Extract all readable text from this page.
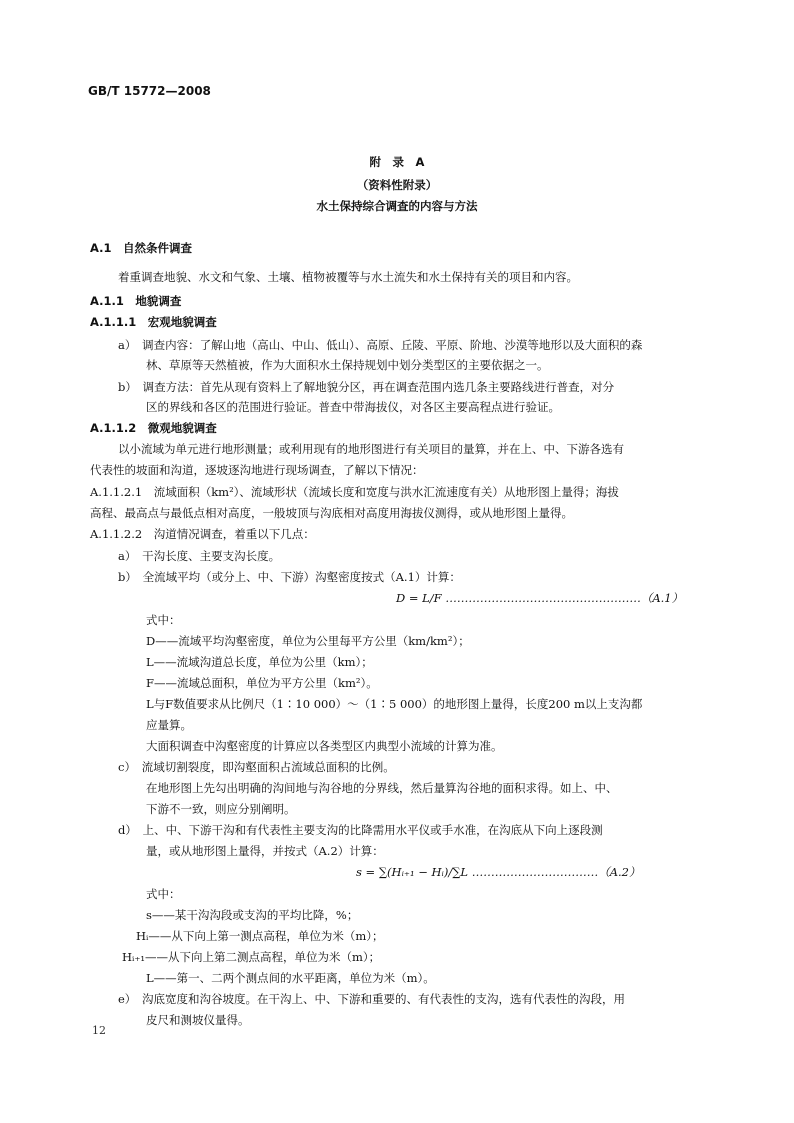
GB/T 15772—2008
附　录　A
（资料性附录）
水土保持综合调查的内容与方法
A.1　自然条件调查
着重调查地貌、水文和气象、土壤、植物被覆等与水土流失和水土保持有关的项目和内容。
A.1.1　地貌调查
A.1.1.1　宏观地貌调查
a）　调查内容：了解山地（高山、中山、低山）、高原、丘陵、平原、阶地、沙漠等地形以及大面积的森
林、草原等天然植被，作为大面积水土保持规划中划分类型区的主要依据之一。
b）　调查方法：首先从现有资料上了解地貌分区，再在调查范围内选几条主要路线进行普查，对分
区的界线和各区的范围进行验证。普查中带海拔仪，对各区主要高程点进行验证。
A.1.1.2　微观地貌调查
以小流域为单元进行地形测量；或利用现有的地形图进行有关项目的量算，并在上、中、下游各选有
代表性的坡面和沟道，逐坡逐沟地进行现场调查，了解以下情况：
A.1.1.2.1　流域面积（km²）、流域形状（流域长度和宽度与洪水汇流速度有关）从地形图上量得；海拔
高程、最高点与最低点相对高度，一般坡顶与沟底相对高度用海拔仪测得，或从地形图上量得。
A.1.1.2.2　沟道情况调查，着重以下几点：
a）　干沟长度、主要支沟长度。
b）　全流域平均（或分上、中、下游）沟壑密度按式（A.1）计算：
D = L/F ……………………………………………（A.1）
式中：
D——流域平均沟壑密度，单位为公里每平方公里（km/km²）；
L——流域沟道总长度，单位为公里（km）；
F——流域总面积，单位为平方公里（km²）。
L与F数值要求从比例尺（1∶10 000）～（1∶5 000）的地形图上量得，长度200 m以上支沟都
应量算。
大面积调查中沟壑密度的计算应以各类型区内典型小流域的计算为准。
c）　流域切割裂度，即沟壑面积占流域总面积的比例。
在地形图上先勾出明确的沟间地与沟谷地的分界线，然后量算沟谷地的面积求得。如上、中、
下游不一致，则应分别阐明。
d）　上、中、下游干沟和有代表性主要支沟的比降需用水平仪或手水准，在沟底从下向上逐段测
量，或从地形图上量得，并按式（A.2）计算：
s = ∑(Hᵢ₊₁ − Hᵢ)/∑L ……………………………（A.2）
式中：
s——某干沟沟段或支沟的平均比降，%；
Hᵢ——从下向上第一测点高程，单位为米（m）；
Hᵢ₊₁——从下向上第二测点高程，单位为米（m）；
L——第一、二两个测点间的水平距离，单位为米（m）。
e）　沟底宽度和沟谷坡度。在干沟上、中、下游和重要的、有代表性的支沟，选有代表性的沟段，用
皮尺和测坡仪量得。
12
